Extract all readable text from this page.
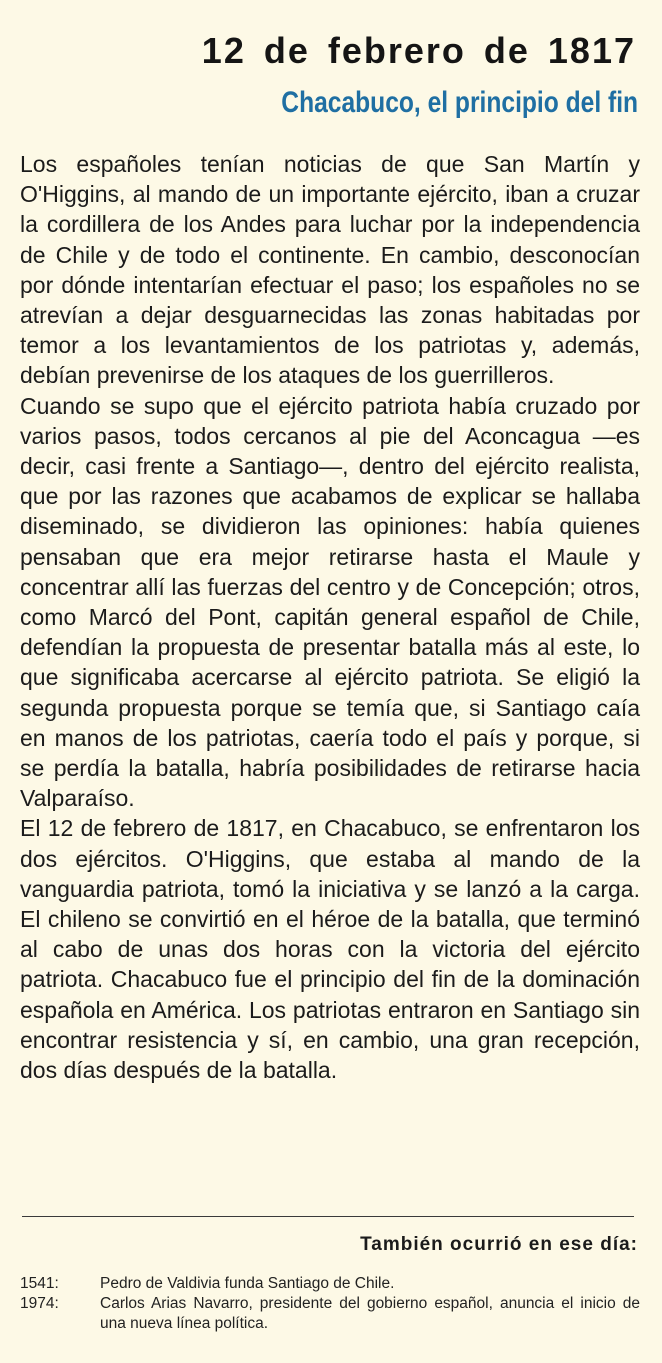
12 de febrero de 1817
Chacabuco, el principio del fin

Los españoles tenían noticias de que San Martín y O'Higgins, al mando de un importante ejército, iban a cruzar la cordillera de los Andes para luchar por la independencia de Chile y de todo el continente. En cambio, desconocían por dónde intentarían efectuar el paso; los españoles no se atrevían a dejar desguarnecidas las zonas habitadas por temor a los levantamientos de los patriotas y, además, debían prevenirse de los ataques de los guerrilleros.

Cuando se supo que el ejército patriota había cruzado por varios pasos, todos cercanos al pie del Aconcagua —es decir, casi frente a Santiago—, dentro del ejército realista, que por las razones que acabamos de explicar se hallaba diseminado, se dividieron las opiniones: había quienes pensaban que era mejor retirarse hasta el Maule y concentrar allí las fuerzas del centro y de Concepción; otros, como Marcó del Pont, capitán general español de Chile, defendían la propuesta de presentar batalla más al este, lo que significaba acercarse al ejército patriota. Se eligió la segunda propuesta porque se temía que, si Santiago caía en manos de los patriotas, caería todo el país y porque, si se perdía la batalla, habría posibilidades de retirarse hacia Valparaíso.

El 12 de febrero de 1817, en Chacabuco, se enfrentaron los dos ejércitos. O'Higgins, que estaba al mando de la vanguardia patriota, tomó la iniciativa y se lanzó a la carga. El chileno se convirtió en el héroe de la batalla, que terminó al cabo de unas dos horas con la victoria del ejército patriota. Chacabuco fue el principio del fin de la dominación española en América. Los patriotas entraron en Santiago sin encontrar resistencia y sí, en cambio, una gran recepción, dos días después de la batalla.

También ocurrió en ese día:
1541:	Pedro de Valdivia funda Santiago de Chile.
1974:	Carlos Arias Navarro, presidente del gobierno español, anuncia el inicio de una nueva línea política.
